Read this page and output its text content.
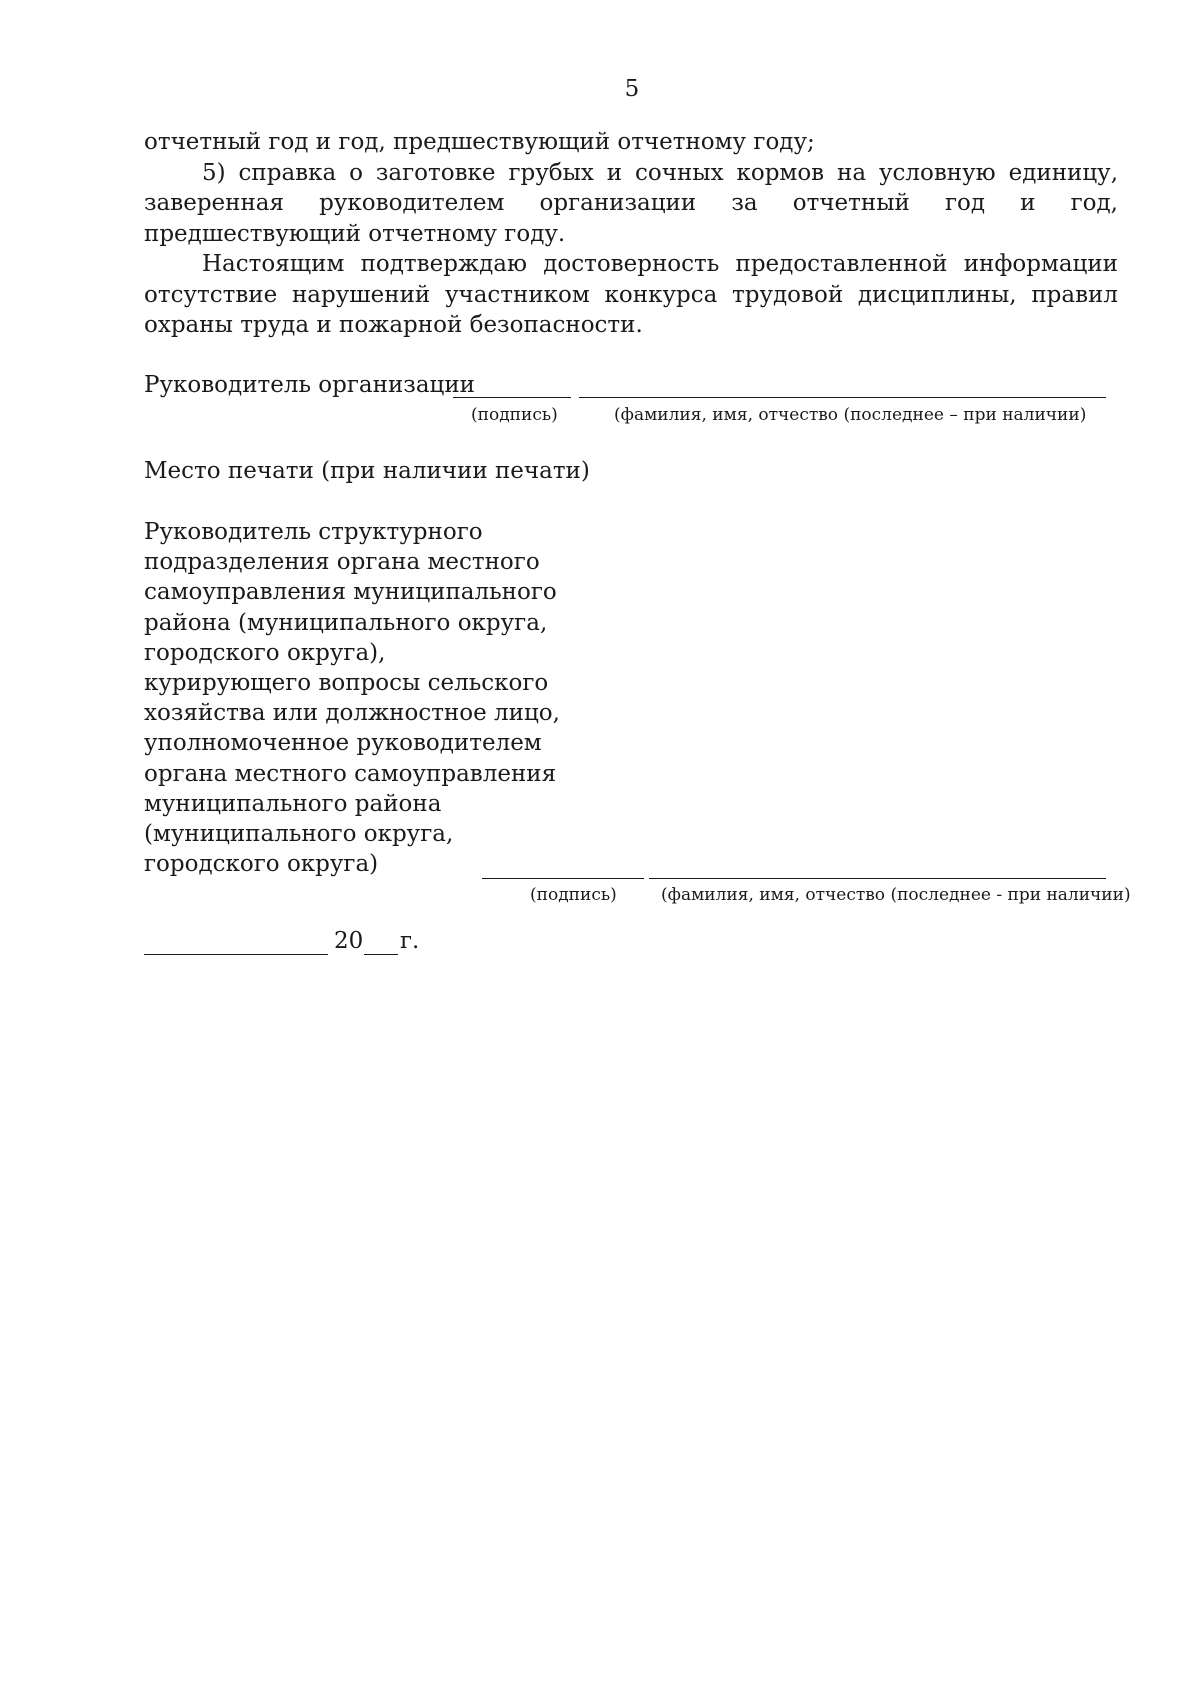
5

отчетный год и год, предшествующий отчетному году;

5) справка о заготовке грубых и сочных кормов на условную единицу, заверенная руководителем организации за отчетный год и год, предшествующий отчетному году.

Настоящим подтверждаю достоверность предоставленной информации отсутствие нарушений участником конкурса трудовой дисциплины, правил охраны труда и пожарной безопасности.

Руководитель организации
(подпись)	(фамилия, имя, отчество (последнее – при наличии)
Место печати (при наличии печати)
Руководитель структурного
подразделения органа местного
самоуправления муниципального
района (муниципального округа,
городского округа),
курирующего вопросы сельского
хозяйства или должностное лицо,
уполномоченное руководителем
органа местного самоуправления
муниципального района
(муниципального округа,
городского округа)
(подпись)	(фамилия, имя, отчество (последнее - при наличии)
20 г.
